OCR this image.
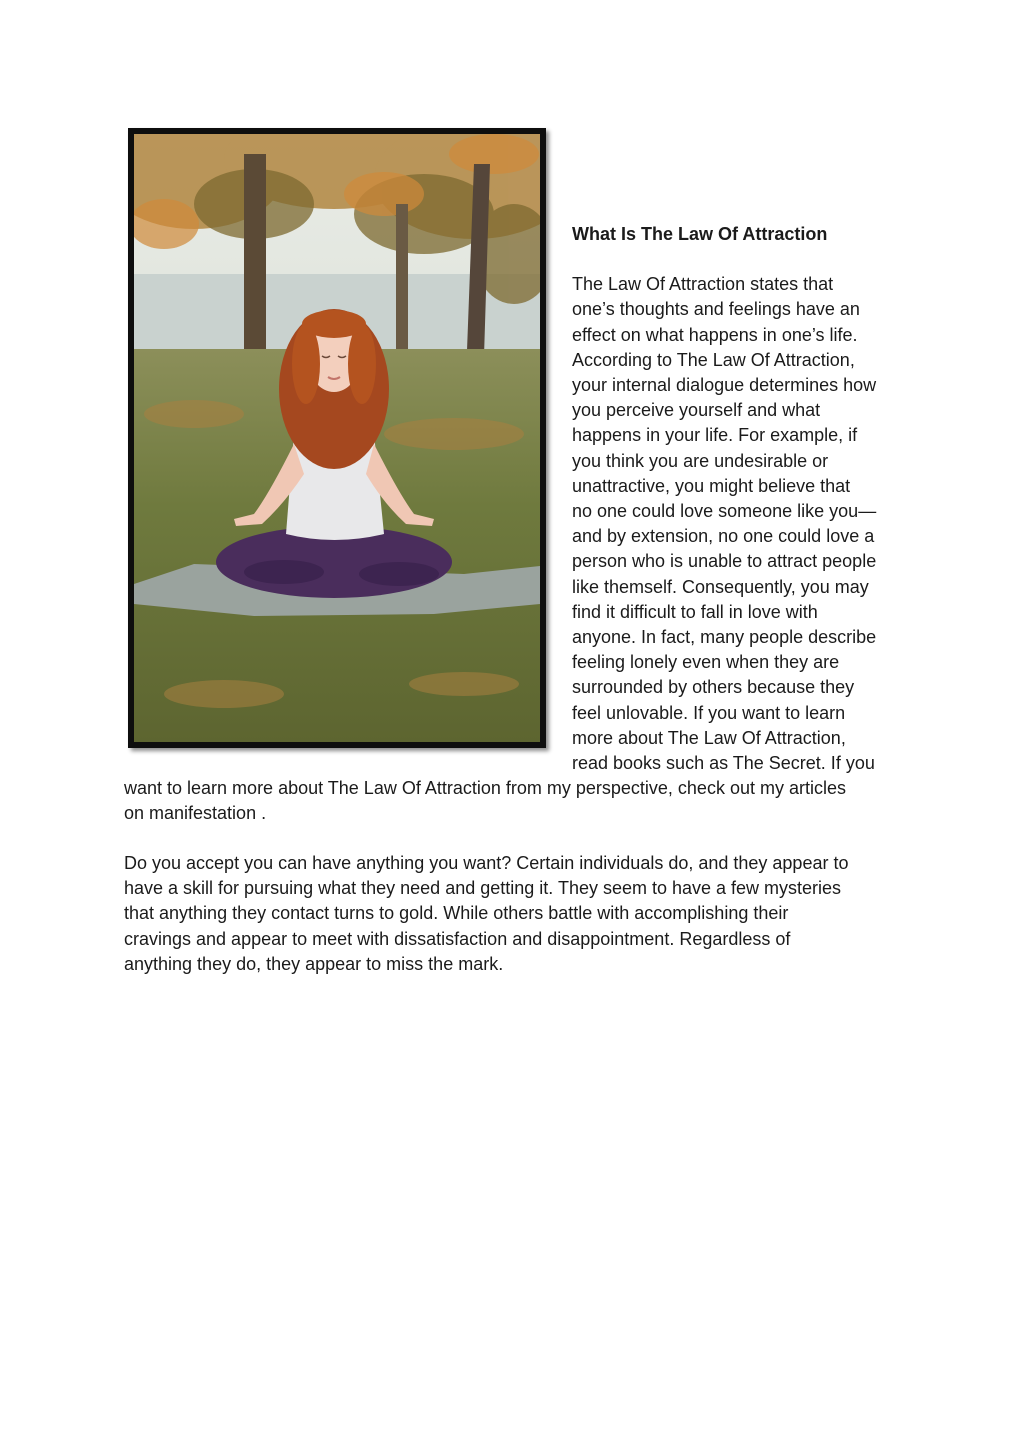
What Is The Law Of Attraction
The Law Of Attraction states that
one’s thoughts and feelings have an
effect on what happens in one’s life.
According to The Law Of Attraction,
your internal dialogue determines how
you perceive yourself and what
happens in your life. For example, if
you think you are undesirable or
unattractive, you might believe that
no one could love someone like you—
and by extension, no one could love a
person who is unable to attract people
like themself. Consequently, you may
find it difficult to fall in love with
anyone. In fact, many people describe
feeling lonely even when they are
surrounded by others because they
feel unlovable. If you want to learn
more about The Law Of Attraction,
read books such as The Secret. If you
want to learn more about The Law Of Attraction from my perspective, check out my articles
on manifestation .
Do you accept you can have anything you want? Certain individuals do, and they appear to
have a skill for pursuing what they need and getting it. They seem to have a few mysteries
that anything they contact turns to gold. While others battle with accomplishing their
cravings and appear to meet with dissatisfaction and disappointment. Regardless of
anything they do, they appear to miss the mark.
